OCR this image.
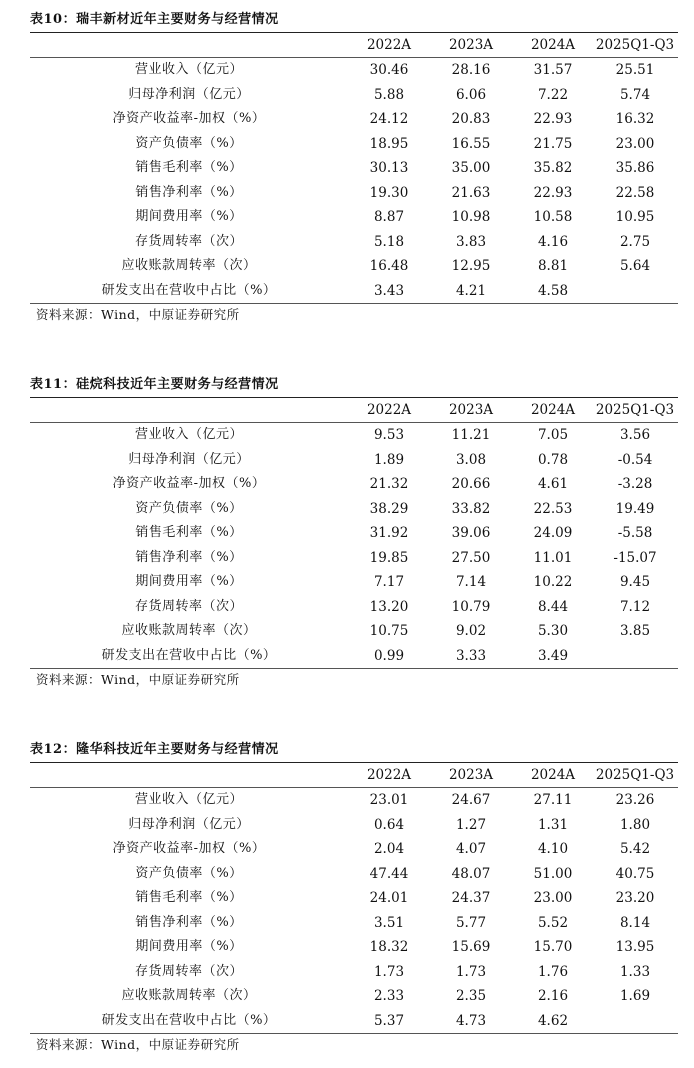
表10：瑞丰新材近年主要财务与经营情况
2022A	2023A	2024A	2025Q1-Q3
营业收入（亿元）	30.46	28.16	31.57	25.51
归母净利润（亿元）	5.88	6.06	7.22	5.74
净资产收益率-加权（%）	24.12	20.83	22.93	16.32
资产负债率（%）	18.95	16.55	21.75	23.00
销售毛利率（%）	30.13	35.00	35.82	35.86
销售净利率（%）	19.30	21.63	22.93	22.58
期间费用率（%）	8.87	10.98	10.58	10.95
存货周转率（次）	5.18	3.83	4.16	2.75
应收账款周转率（次）	16.48	12.95	8.81	5.64
研发支出在营收中占比（%）	3.43	4.21	4.58
资料来源：Wind，中原证券研究所
表11：硅烷科技近年主要财务与经营情况
2022A	2023A	2024A	2025Q1-Q3
营业收入（亿元）	9.53	11.21	7.05	3.56
归母净利润（亿元）	1.89	3.08	0.78	-0.54
净资产收益率-加权（%）	21.32	20.66	4.61	-3.28
资产负债率（%）	38.29	33.82	22.53	19.49
销售毛利率（%）	31.92	39.06	24.09	-5.58
销售净利率（%）	19.85	27.50	11.01	-15.07
期间费用率（%）	7.17	7.14	10.22	9.45
存货周转率（次）	13.20	10.79	8.44	7.12
应收账款周转率（次）	10.75	9.02	5.30	3.85
研发支出在营收中占比（%）	0.99	3.33	3.49
资料来源：Wind，中原证券研究所
表12：隆华科技近年主要财务与经营情况
2022A	2023A	2024A	2025Q1-Q3
营业收入（亿元）	23.01	24.67	27.11	23.26
归母净利润（亿元）	0.64	1.27	1.31	1.80
净资产收益率-加权（%）	2.04	4.07	4.10	5.42
资产负债率（%）	47.44	48.07	51.00	40.75
销售毛利率（%）	24.01	24.37	23.00	23.20
销售净利率（%）	3.51	5.77	5.52	8.14
期间费用率（%）	18.32	15.69	15.70	13.95
存货周转率（次）	1.73	1.73	1.76	1.33
应收账款周转率（次）	2.33	2.35	2.16	1.69
研发支出在营收中占比（%）	5.37	4.73	4.62
资料来源：Wind，中原证券研究所
